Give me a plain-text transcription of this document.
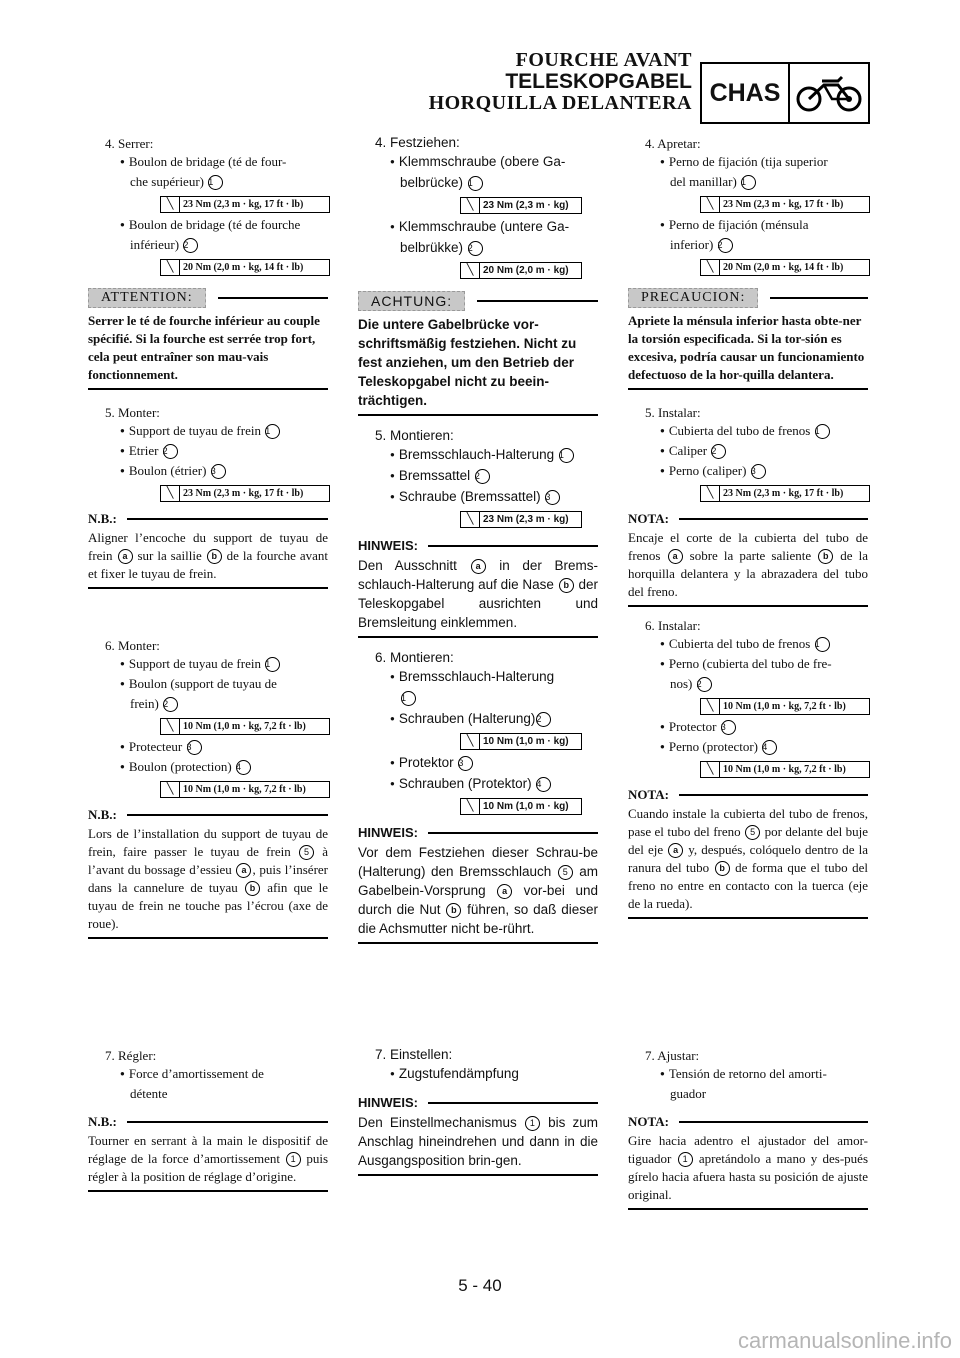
FOURCHE AVANT
TELESKOPGABEL
HORQUILLA DELANTERA CHAS
4. Serrer:
● Boulon de bridage (té de four-
che supérieur) 1
╲ 23 Nm (2,3 m · kg, 17 ft · lb)
● Boulon de bridage (té de fourche
inférieur) 2
╲ 20 Nm (2,0 m · kg, 14 ft · lb)
ATTENTION:
Serrer le té de fourche inférieur au couple spécifié. Si la fourche est serrée trop fort, cela peut entraîner son mau-vais fonctionnement.
5. Monter:
● Support de tuyau de frein 1
● Etrier 2
● Boulon (étrier) 3
╲ 23 Nm (2,3 m · kg, 17 ft · lb)
N.B.:
Aligner l’encoche du support de tuyau de frein a sur la saillie b de la fourche avant et fixer le tuyau de frein.
6. Monter:
● Support de tuyau de frein 1
● Boulon (support de tuyau de
frein) 2
╲ 10 Nm (1,0 m · kg, 7,2 ft · lb)
● Protecteur 3
● Boulon (protection) 4
╲ 10 Nm (1,0 m · kg, 7,2 ft · lb)
N.B.:
Lors de l’installation du support de tuyau de frein, faire passer le tuyau de frein 5 à l’avant du bossage d’essieu a , puis l’insérer dans la cannelure de tuyau b afin que le tuyau de frein ne touche pas l’écrou (axe de roue).
7. Régler:
● Force d’amortissement de
détente
N.B.:
Tourner en serrant à la main le dispositif de réglage de la force d’amortissement 1 puis régler à la position de réglage d’origine.
4. Festziehen:
● Klemmschraube (obere Ga-
belbrücke) 1
╲ 23 Nm (2,3 m · kg)
● Klemmschraube (untere Ga-
belbrükke) 2
╲ 20 Nm (2,0 m · kg)
ACHTUNG:
Die untere Gabelbrücke vor-schriftsmäßig festziehen. Nicht zu fest anziehen, um den Betrieb der Teleskopgabel nicht zu beein-trächtigen.
5. Montieren:
● Bremsschlauch-Halterung 1
● Bremssattel 2
● Schraube (Bremssattel) 3
╲ 23 Nm (2,3 m · kg)
HINWEIS:
Den Ausschnitt a in der Brems-schlauch-Halterung auf die Nase b der Teleskopgabel ausrichten und Bremsleitung einklemmen.
6. Montieren:
● Bremsschlauch-Halterung
1
● Schrauben (Halterung)2
╲ 10 Nm (1,0 m · kg)
● Protektor 3
● Schrauben (Protektor) 4
╲ 10 Nm (1,0 m · kg)
HINWEIS:
Vor dem Festziehen dieser Schrau-be (Halterung) den Bremsschlauch 5 am Gabelbein-Vorsprung a vor-bei und durch die Nut b führen, so daß dieser die Achsmutter nicht be-rührt.
7. Einstellen:
● Zugstufendämpfung
HINWEIS:
Den Einstellmechanismus 1 bis zum Anschlag hineindrehen und dann in die Ausgangsposition brin-gen.
4. Apretar:
● Perno de fijación (tija superior
del manillar) 1
╲ 23 Nm (2,3 m · kg, 17 ft · lb)
● Perno de fijación (ménsula
inferior) 2
╲ 20 Nm (2,0 m · kg, 14 ft · lb)
PRECAUCION:
Apriete la ménsula inferior hasta obte-ner la torsión especificada. Si la tor-sión es excesiva, podría causar un funcionamiento defectuoso de la hor-quilla delantera.
5. Instalar:
● Cubierta del tubo de frenos 1
● Caliper 2
● Perno (caliper) 3
╲ 23 Nm (2,3 m · kg, 17 ft · lb)
NOTA:
Encaje el corte de la cubierta del tubo de frenos a sobre la parte saliente b de la horquilla delantera y la abrazadera del tubo del freno.
6. Instalar:
● Cubierta del tubo de frenos 1
● Perno (cubierta del tubo de fre-
nos) 2
╲ 10 Nm (1,0 m · kg, 7,2 ft · lb)
● Protector 3
● Perno (protector) 4
╲ 10 Nm (1,0 m · kg, 7,2 ft · lb)
NOTA:
Cuando instale la cubierta del tubo de frenos, pase el tubo del freno 5 por delante del buje del eje a y, después, colóquelo dentro de la ranura del tubo b de forma que el tubo del freno no entre en contacto con la tuerca (eje de la rueda).
7. Ajustar:
● Tensión de retorno del amorti-
guador
NOTA:
Gire hacia adentro el ajustador del amor-tiguador 1 apretándolo a mano y des-pués gírelo hacia afuera hasta su posición de ajuste original.
5 - 40
carmanualsonline.info
